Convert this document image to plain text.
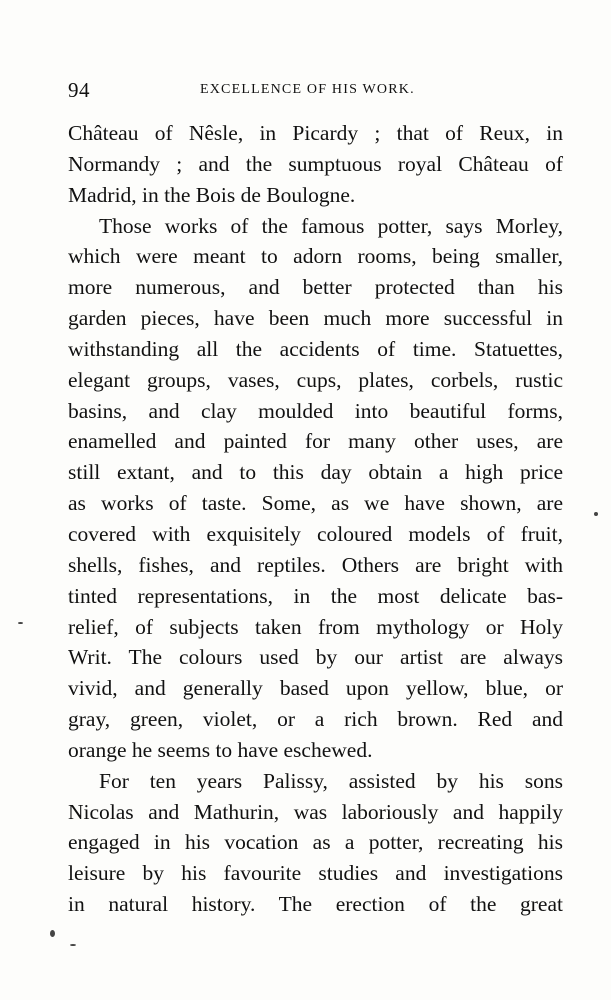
94	EXCELLENCE OF HIS WORK.
Château of Nêsle, in Picardy ; that of Reux, in
Normandy ; and the sumptuous royal Château of
Madrid, in the Bois de Boulogne.
Those works of the famous potter, says Morley,
which were meant to adorn rooms, being smaller,
more numerous, and better protected than his
garden pieces, have been much more successful in
withstanding all the accidents of time. Statuettes,
elegant groups, vases, cups, plates, corbels, rustic
basins, and clay moulded into beautiful forms,
enamelled and painted for many other uses, are
still extant, and to this day obtain a high price
as works of taste. Some, as we have shown, are
covered with exquisitely coloured models of fruit,
shells, fishes, and reptiles. Others are bright with
tinted representations, in the most delicate bas-
relief, of subjects taken from mythology or Holy
Writ. The colours used by our artist are always
vivid, and generally based upon yellow, blue, or
gray, green, violet, or a rich brown. Red and
orange he seems to have eschewed.
For ten years Palissy, assisted by his sons
Nicolas and Mathurin, was laboriously and happily
engaged in his vocation as a potter, recreating his
leisure by his favourite studies and investigations
in natural history. The erection of the great
